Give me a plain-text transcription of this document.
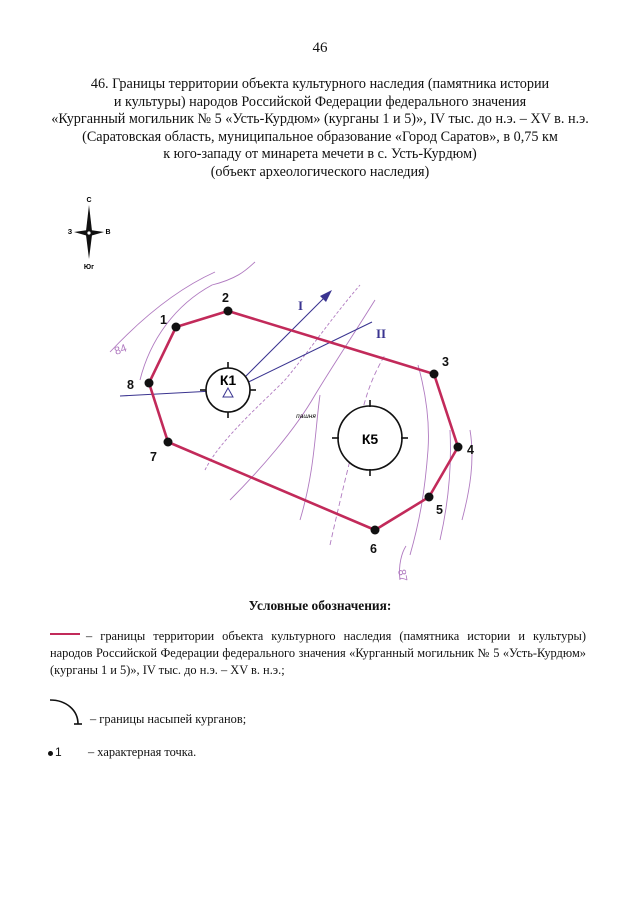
46
46. Границы территории объекта культурного наследия (памятника истории
и культуры) народов Российской Федерации федерального значения
«Курганный могильник № 5 «Усть-Курдюм» (курганы 1 и 5)», IV тыс. до н.э. – XV в. н.э.
(Саратовская область, муниципальное образование «Город Саратов», в 0,75 км
к юго-западу от минарета мечети в с. Усть-Курдюм)
(объект археологического наследия)
С
З	В
Юг
84
87
I
II
К1
К5
пашня
1
2
3
4
5
6
7
8
Условные обозначения:
– границы территории объекта культурного наследия (памятника истории и культуры) народов Российской Федерации федерального значения «Курганный могильник № 5 «Усть-Курдюм» (курганы 1 и 5)», IV тыс. до н.э. – XV в. н.э.;
– границы насыпей курганов;
1 – характерная точка.
